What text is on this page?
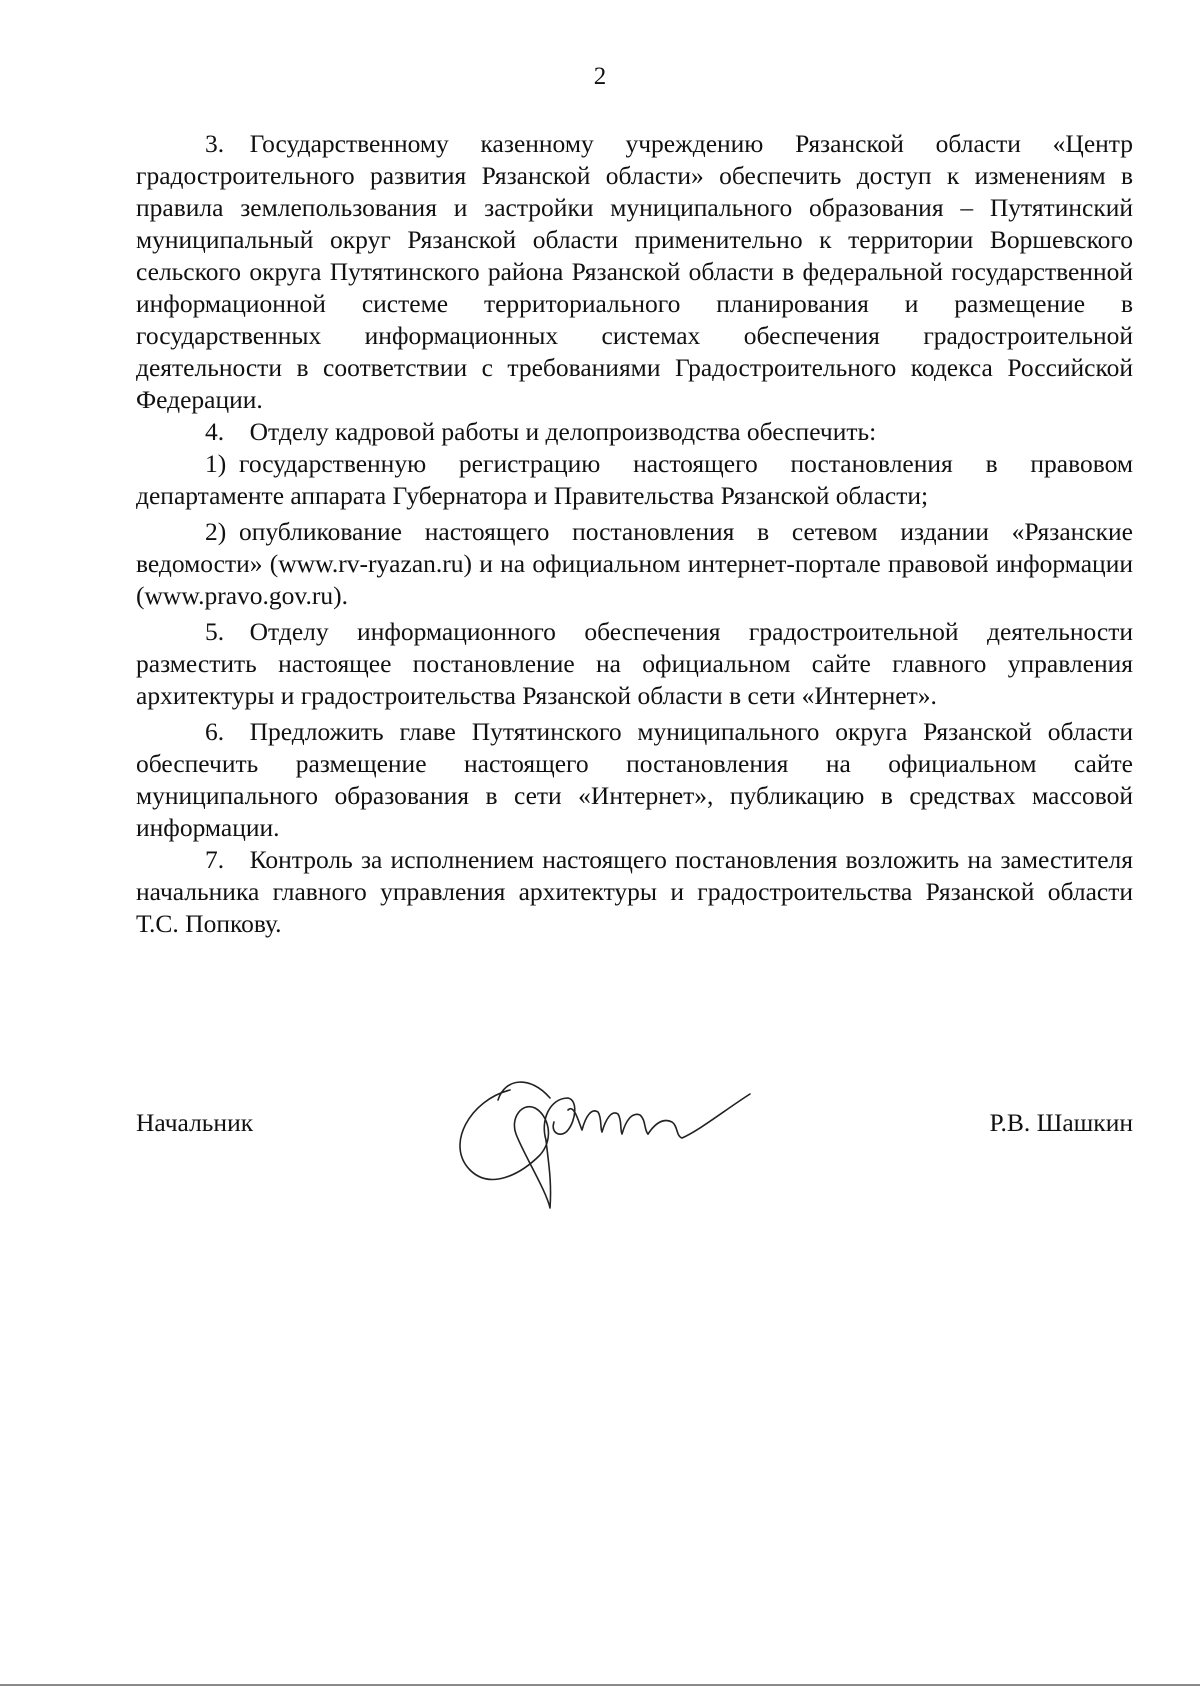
2

3. Государственному казенному учреждению Рязанской области «Центр градостроительного развития Рязанской области» обеспечить доступ к изменениям в правила землепользования и застройки муниципального образования – Путятинский муниципальный округ Рязанской области применительно к территории Воршевского сельского округа Путятинского района Рязанской области в федеральной государственной информационной системе территориального планирования и размещение в государственных информационных системах обеспечения градостроительной деятельности в соответствии с требованиями Градостроительного кодекса Российской Федерации.

4. Отделу кадровой работы и делопроизводства обеспечить:

1) государственную регистрацию настоящего постановления в правовом департаменте аппарата Губернатора и Правительства Рязанской области;

2) опубликование настоящего постановления в сетевом издании «Рязанские ведомости» (www.rv-ryazan.ru) и на официальном интернет-портале правовой информации (www.pravo.gov.ru).

5. Отделу информационного обеспечения градостроительной деятельности разместить настоящее постановление на официальном сайте главного управления архитектуры и градостроительства Рязанской области в сети «Интернет».

6. Предложить главе Путятинского муниципального округа Рязанской области обеспечить размещение настоящего постановления на официальном сайте муниципального образования в сети «Интернет», публикацию в средствах массовой информации.

7. Контроль за исполнением настоящего постановления возложить на заместителя начальника главного управления архитектуры и градостроительства Рязанской области Т.С. Попкову.

Начальник	Р.В. Шашкин
